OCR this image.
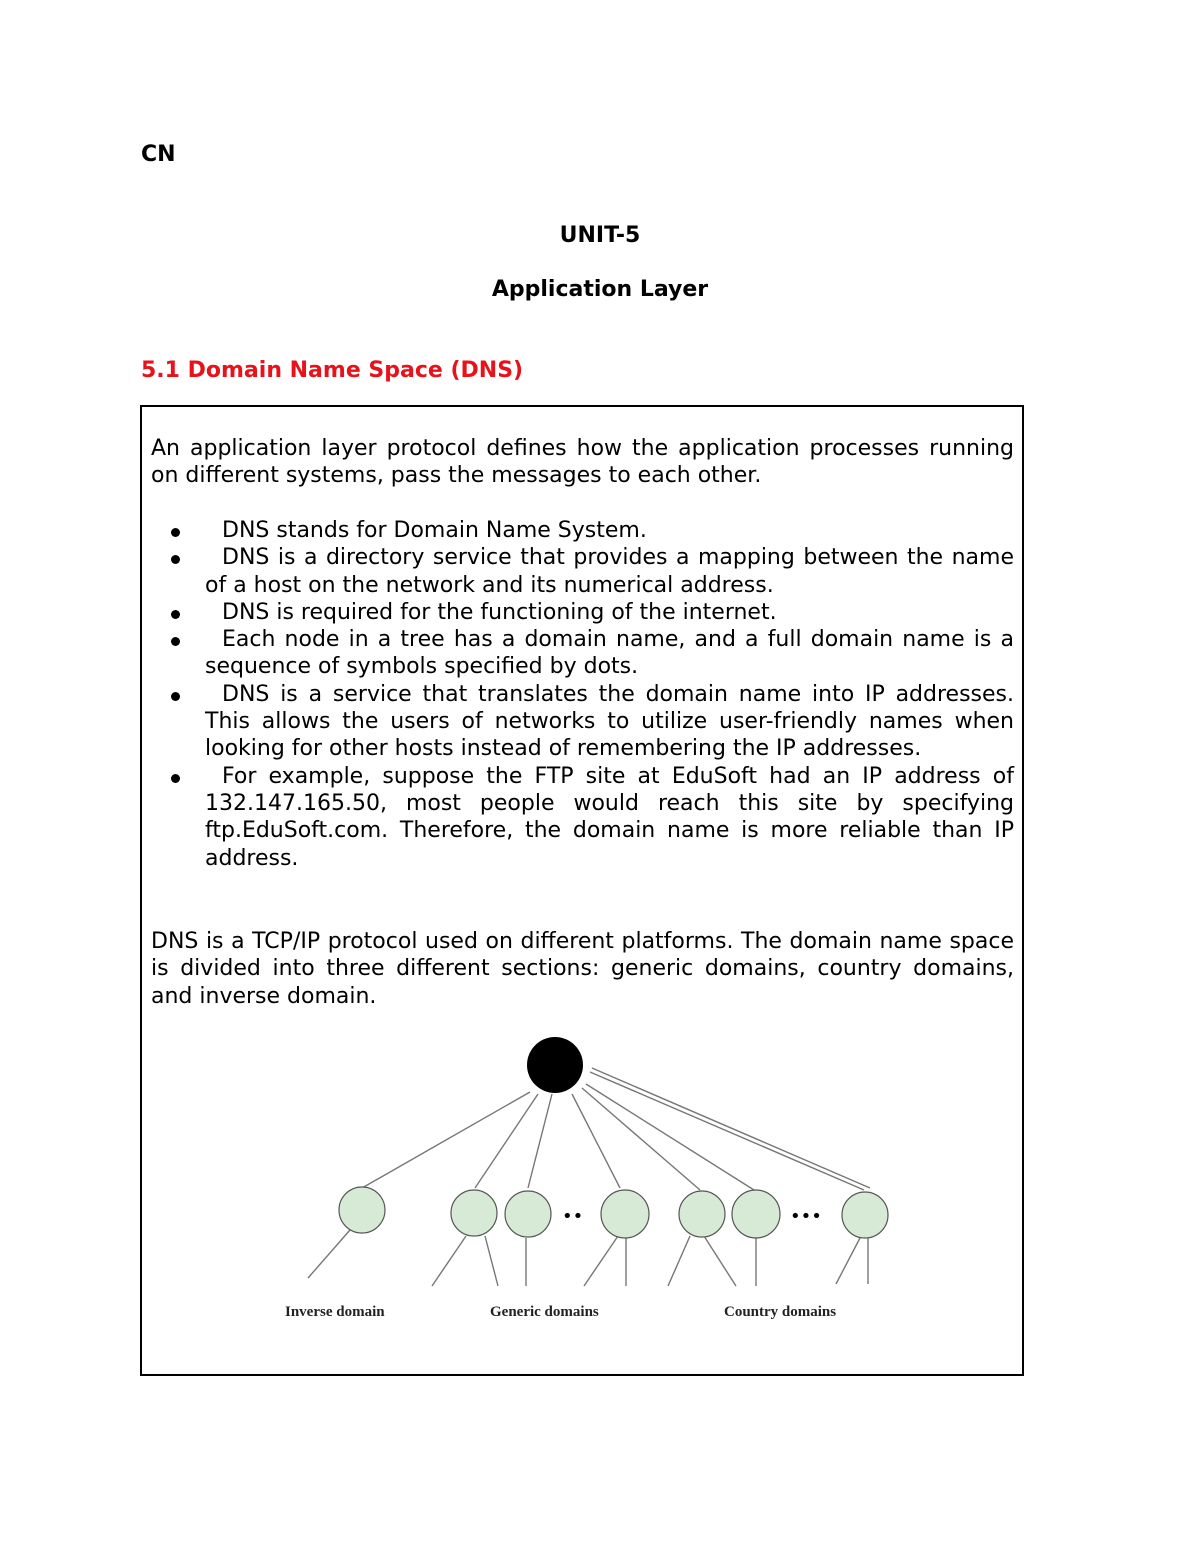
CN
UNIT-5
Application Layer
5.1 Domain Name Space (DNS)
An application layer protocol defines how the application processes running on different systems, pass the messages to each other.
DNS stands for Domain Name System.
DNS is a directory service that provides a mapping between the name of a host on the network and its numerical address.
DNS is required for the functioning of the internet.
Each node in a tree has a domain name, and a full domain name is a sequence of symbols specified by dots.
DNS is a service that translates the domain name into IP addresses. This allows the users of networks to utilize user-friendly names when looking for other hosts instead of remembering the IP addresses.
For example, suppose the FTP site at EduSoft had an IP address of 132.147.165.50, most people would reach this site by specifying ftp.EduSoft.com. Therefore, the domain name is more reliable than IP address.
DNS is a TCP/IP protocol used on different platforms. The domain name space is divided into three different sections: generic domains, country domains, and inverse domain.
••	•••
Inverse domain	Generic domains	Country domains
